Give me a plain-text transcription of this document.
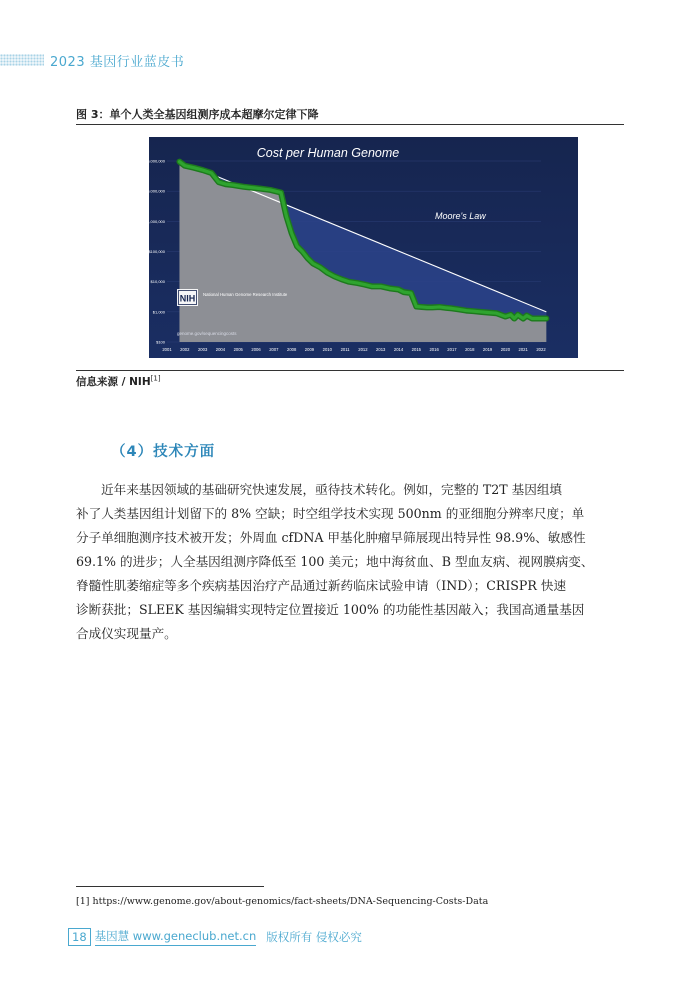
2023 基因行业蓝皮书
图 3：单个人类全基因组测序成本超摩尔定律下降
$100,000,000
$10,000,000
$1,000,000
$100,000
$10,000
$1,000
$100
2001 2002 2003 2004 2005 2006 2007 2008 2009 2010 2011 2012 2013 2014 2015 2016 2017 2018 2019 2020 2021 2022
Cost per Human Genome
Moore's Law
NIH National Human Genome Research Institute
genome.gov/sequencingcosts
信息来源 / NIH[1]
（4）技术方面
近年来基因领域的基础研究快速发展，亟待技术转化。例如，完整的 T2T 基因组填
补了人类基因组计划留下的 8% 空缺；时空组学技术实现 500nm 的亚细胞分辨率尺度；单
分子单细胞测序技术被开发；外周血 cfDNA 甲基化肿瘤早筛展现出特异性 98.9%、敏感性
69.1% 的进步；人全基因组测序降低至 100 美元；地中海贫血、B 型血友病、视网膜病变、
脊髓性肌萎缩症等多个疾病基因治疗产品通过新药临床试验申请（IND）；CRISPR 快速
诊断获批；SLEEK 基因编辑实现特定位置接近 100% 的功能性基因敲入；我国高通量基因
合成仪实现量产。
[1] https://www.genome.gov/about-genomics/fact-sheets/DNA-Sequencing-Costs-Data
18 基因慧 www.geneclub.net.cn 版权所有 侵权必究
